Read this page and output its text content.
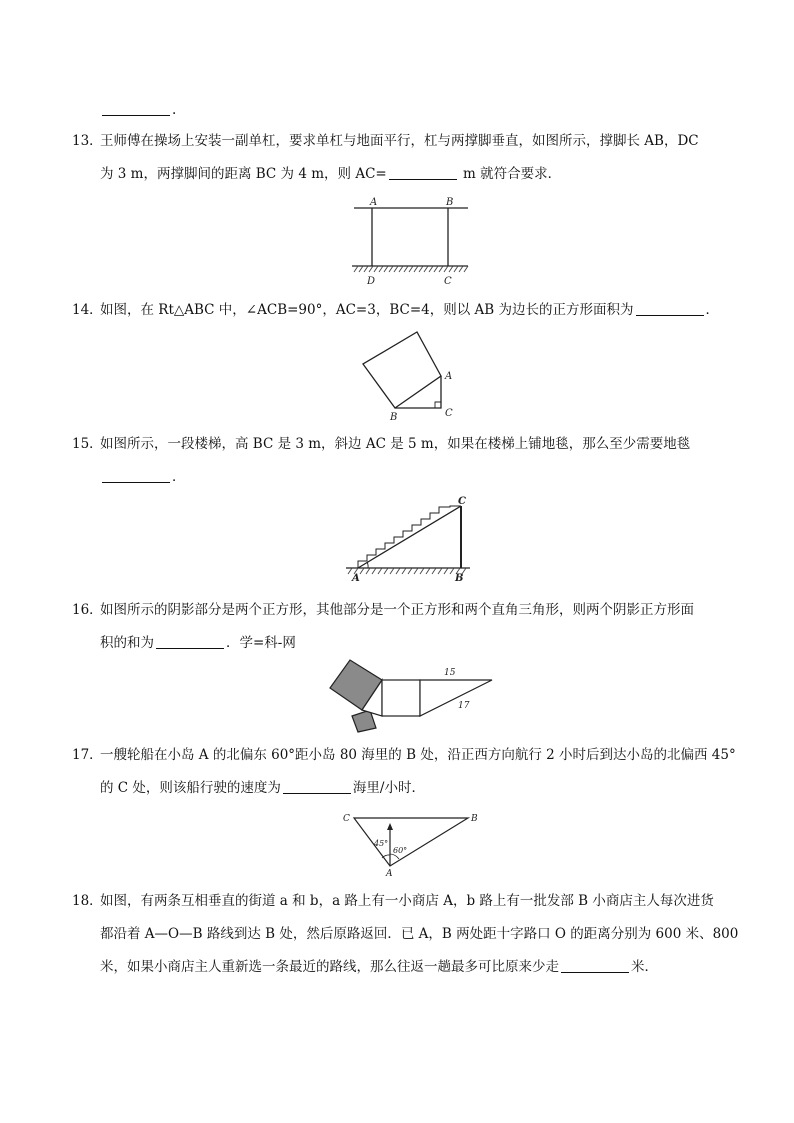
.
13．
王师傅在操场上安装一副单杠，要求单杠与地面平行，杠与两撑脚垂直，如图所示，撑脚长 AB，DC
为 3 m，两撑脚间的距离 BC 为 4 m，则 AC=	m 就符合要求．
A	B
D	C
14．
如图，在 Rt△ABC 中，∠ACB=90°，AC=3，BC=4，则以 AB 为边长的正方形面积为	．
A
B	C
15．
如图所示，一段楼梯，高 BC 是 3 m，斜边 AC 是 5 m，如果在楼梯上铺地毯，那么至少需要地毯
．
A	B
C
16．
如图所示的阴影部分是两个正方形，其他部分是一个正方形和两个直角三角形，则两个阴影正方形面
积的和为	．学=科-网
15
17
17．
一艘轮船在小岛 A 的北偏东 60°距小岛 80 海里的 B 处，沿正西方向航行 2 小时后到达小岛的北偏西 45°
的 C 处，则该船行驶的速度为	海里/小时．
C	B
A
45°
60°
18．
如图，有两条互相垂直的街道 a 和 b，a 路上有一小商店 A，b 路上有一批发部 B 小商店主人每次进货
都沿着 A—O—B 路线到达 B 处，然后原路返回．已 A，B 两处距十字路口 O 的距离分别为 600 米、800
米，如果小商店主人重新选一条最近的路线，那么往返一趟最多可比原来少走	米．
